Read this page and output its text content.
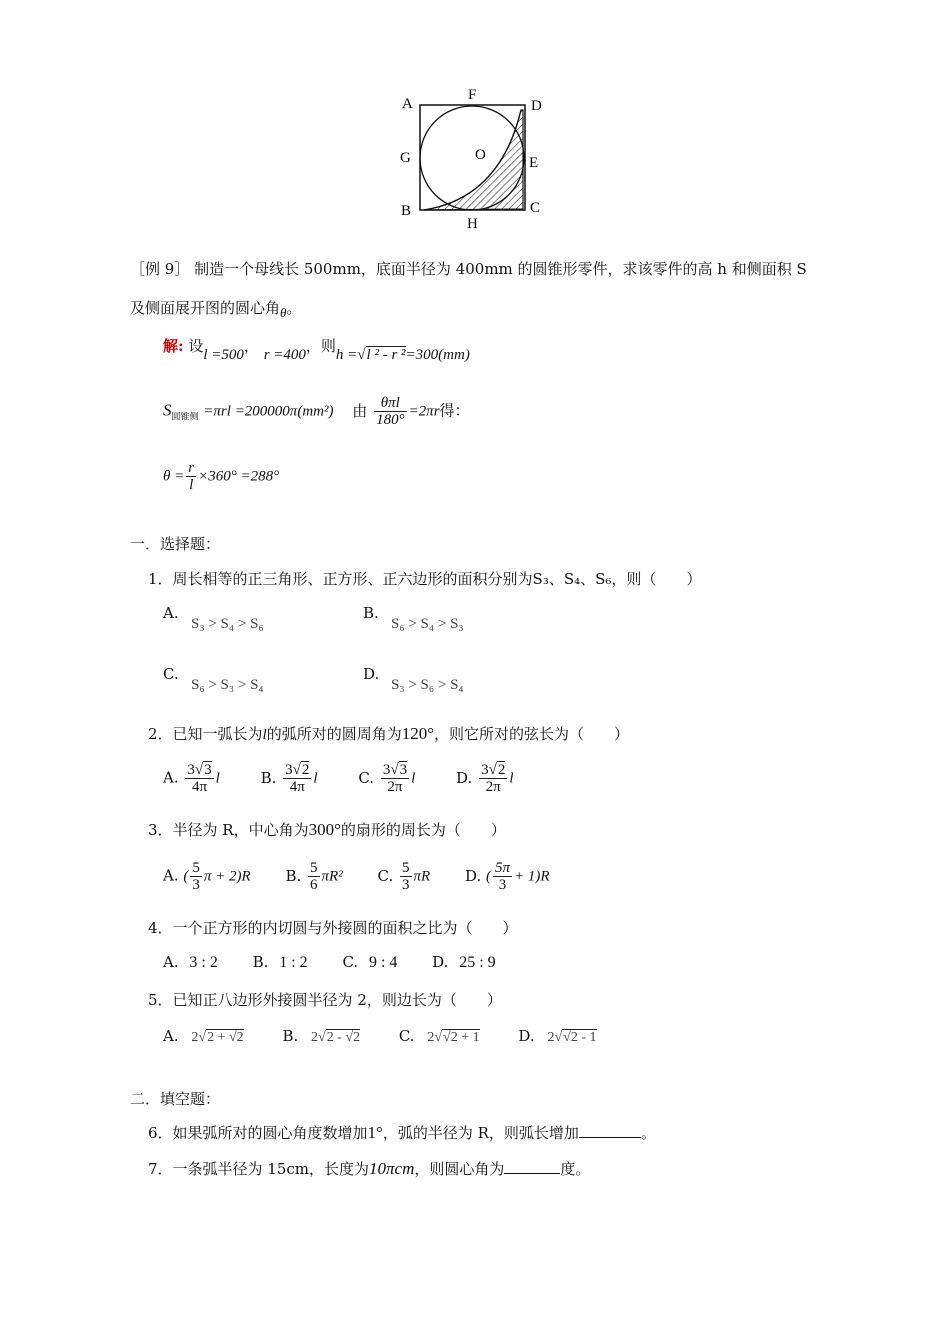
A
F
D
G	O	E
B
H
C
［例 9］ 制造一个母线长 500mm，底面半径为 400mm 的圆锥形零件，求该零件的高 h 和侧面积 S
及侧面展开图的圆心角θ。
解: 设l =500， r =400，则h =√l ² - r ²=300(mm)
$S_{圆锥侧} =\pi rl =200000\pi(mm^2)$ 由 $\frac{\text{θπl}}{180^\circ} =2\pi r$得：
$\theta = \frac{r}{l} \times 360^\circ =288^\circ$
一．选择题：
1．周长相等的正三角形、正方形、正六边形的面积分别为S₃、S₄、S₆，则（　　）
A.
S₃ > S₄ > S₆
B.
S₆ > S₄ > S₃
C.
S₆ > S₃ > S₄
D.
S₃ > S₆ > S₄
2．已知一弧长为l的弧所对的圆周角为120°，则它所对的弦长为（　　）
A. $\frac{3√3}{4\pi}$ l	B. $\frac{3√2}{4\pi}$ l	C. $\frac{3√3}{2\pi}$ l	D. $\frac{3√2}{2\pi}$ l
3．半径为 R，中心角为300°的扇形的周长为（　　）
A. ( $\frac{5}{3}$ π + 2)R B. $\frac{5}{6} \pi R^2$ C. $\frac{5}{3}$ πR D. ( $\frac{5\pi}{3} + 1)R$
4．一个正方形的内切圆与外接圆的面积之比为（　　）
A. 3 : 2 B. 1 : 2 C. 9 : 4 D. 25 : 9
5．已知正八边形外接圆半径为 2，则边长为（　　）
A. 2√2 + √2	B. 2√2 - √2	C. 2√√2 + 1	D. 2√√2 - 1
二．填空题：
6．如果弧所对的圆心角度数增加1°，弧的半径为 R，则弧长增加	。
7．一条弧半径为 15cm，长度为10πcm，则圆心角为	度。
